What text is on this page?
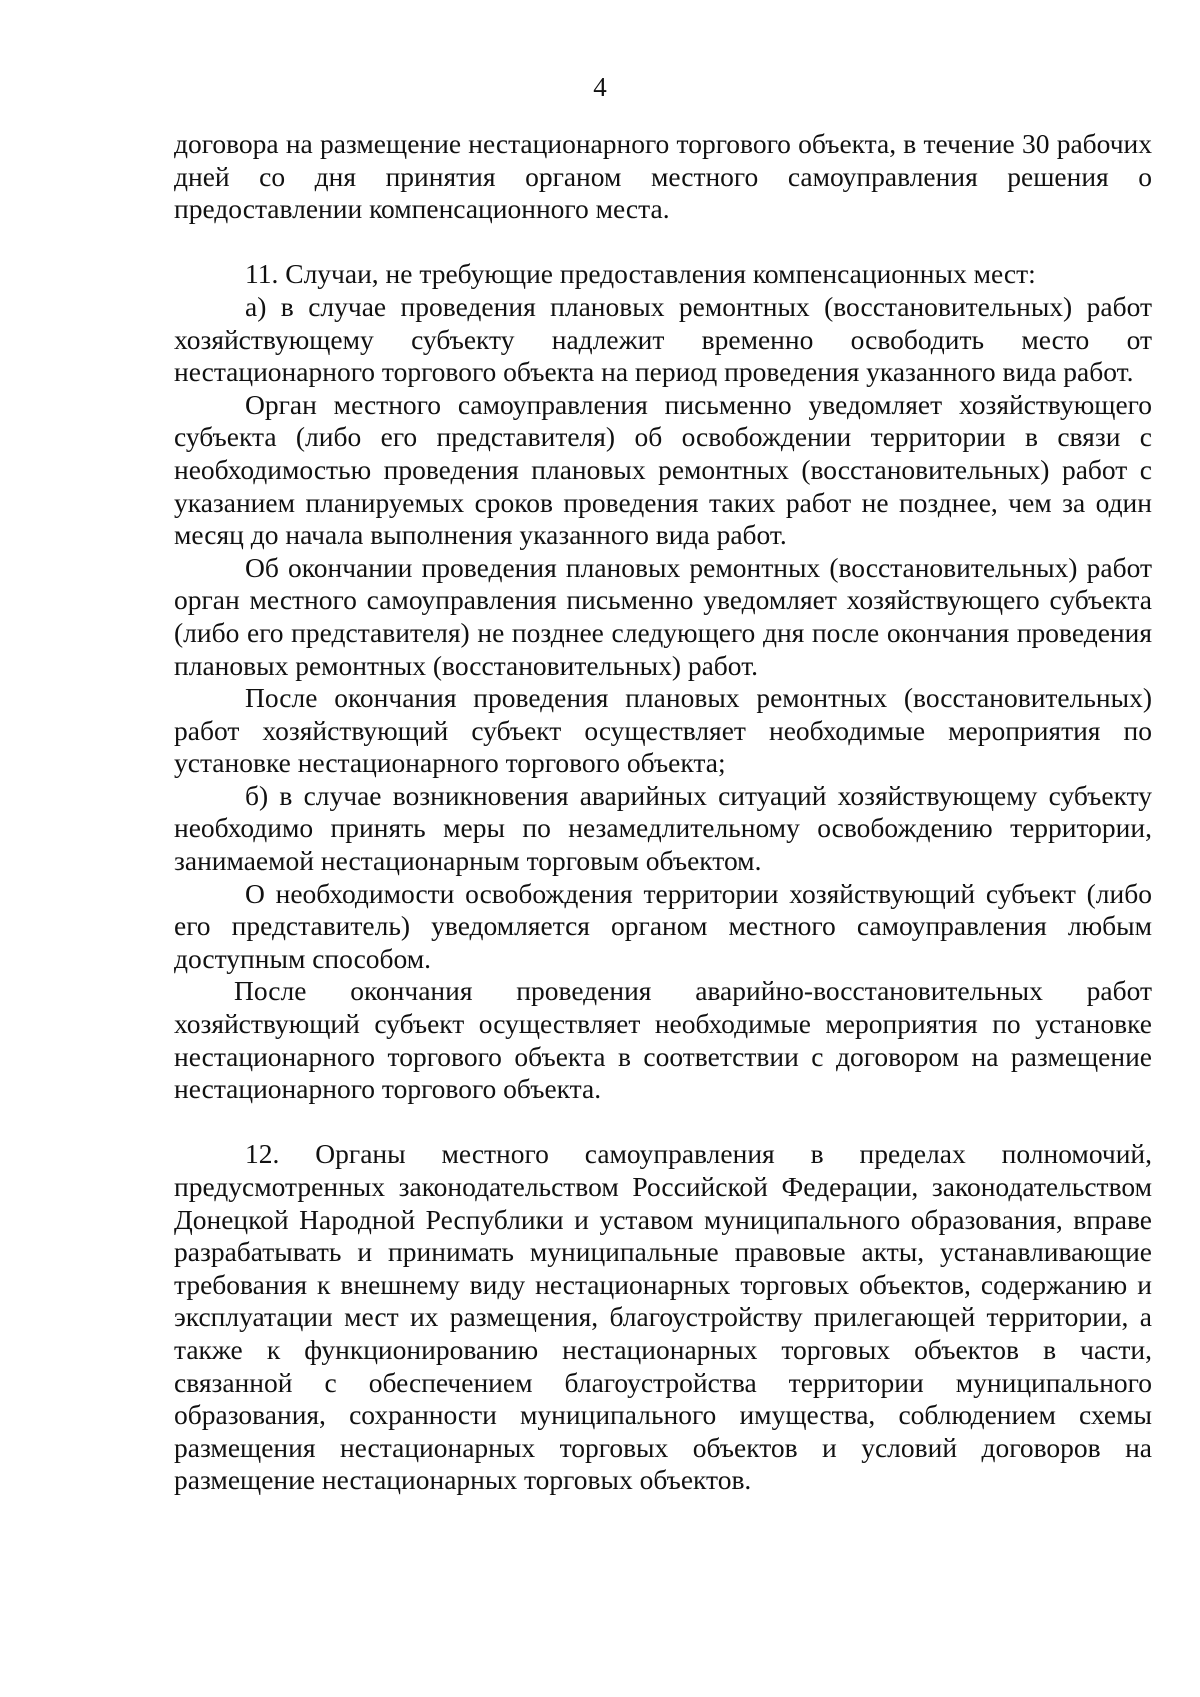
4

договора на размещение нестационарного торгового объекта, в течение 30 рабочих дней со дня принятия органом местного самоуправления решения о предоставлении компенсационного места.

11. Случаи, не требующие предоставления компенсационных мест:

а) в случае проведения плановых ремонтных (восстановительных) работ хозяйствующему субъекту надлежит временно освободить место от нестационарного торгового объекта на период проведения указанного вида работ.

Орган местного самоуправления письменно уведомляет хозяйствующего субъекта (либо его представителя) об освобождении территории в связи с необходимостью проведения плановых ремонтных (восстановительных) работ с указанием планируемых сроков проведения таких работ не позднее, чем за один месяц до начала выполнения указанного вида работ.

Об окончании проведения плановых ремонтных (восстановительных) работ орган местного самоуправления письменно уведомляет хозяйствующего субъекта (либо его представителя) не позднее следующего дня после окончания проведения плановых ремонтных (восстановительных) работ.

После окончания проведения плановых ремонтных (восстановительных) работ хозяйствующий субъект осуществляет необходимые мероприятия по установке нестационарного торгового объекта;

б) в случае возникновения аварийных ситуаций хозяйствующему субъекту необходимо принять меры по незамедлительному освобождению территории, занимаемой нестационарным торговым объектом.

О необходимости освобождения территории хозяйствующий субъект (либо его представитель) уведомляется органом местного самоуправления любым доступным способом.

После окончания проведения аварийно-восстановительных работ хозяйствующий субъект осуществляет необходимые мероприятия по установке нестационарного торгового объекта в соответствии с договором на размещение нестационарного торгового объекта.

12. Органы местного самоуправления в пределах полномочий, предусмотренных законодательством Российской Федерации, законодательством Донецкой Народной Республики и уставом муниципального образования, вправе разрабатывать и принимать муниципальные правовые акты, устанавливающие требования к внешнему виду нестационарных торговых объектов, содержанию и эксплуатации мест их размещения, благоустройству прилегающей территории, а также к функционированию нестационарных торговых объектов в части, связанной с обеспечением благоустройства территории муниципального образования, сохранности муниципального имущества, соблюдением схемы размещения нестационарных торговых объектов и условий договоров на размещение нестационарных торговых объектов.
